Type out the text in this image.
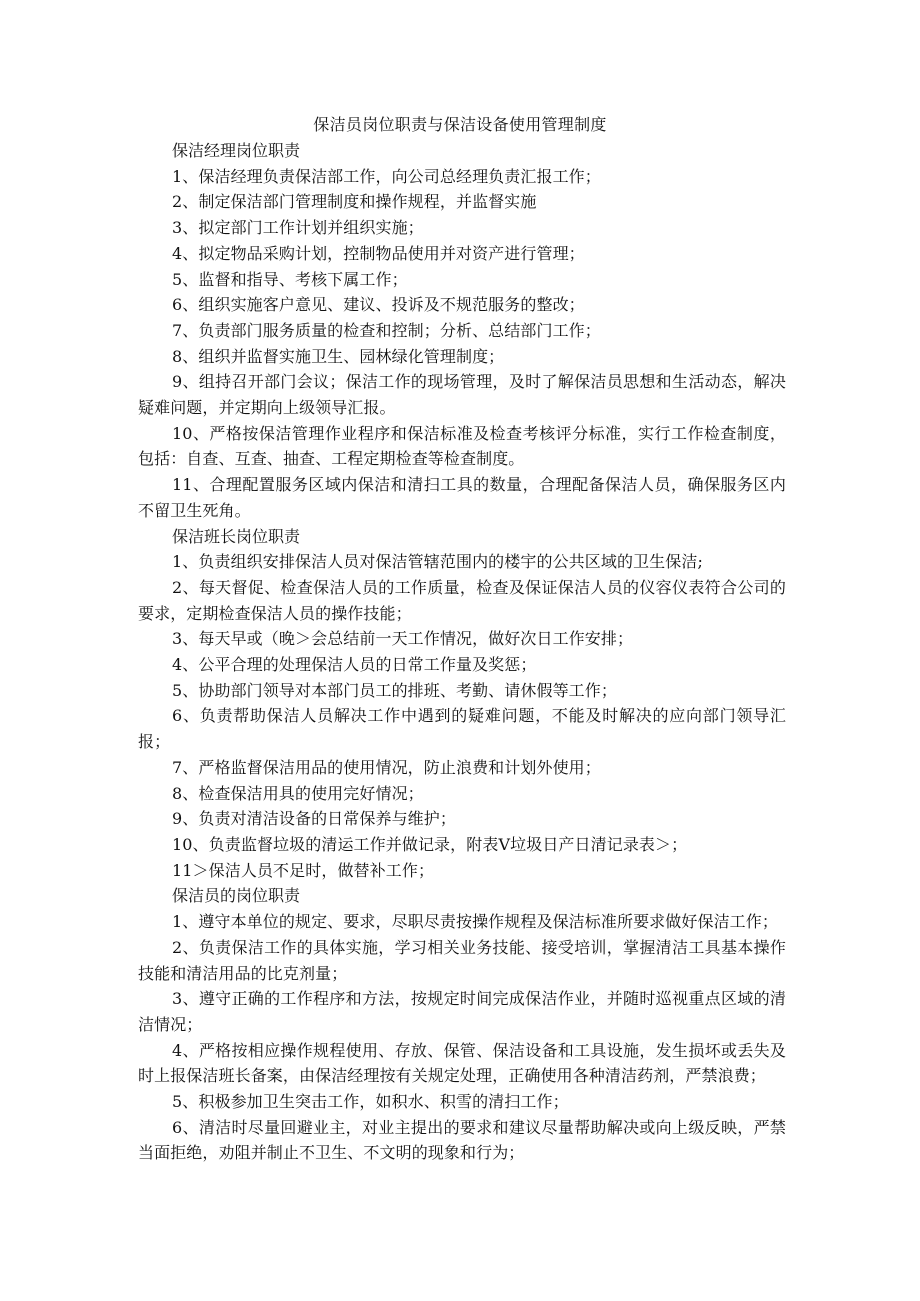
保洁员岗位职责与保洁设备使用管理制度

保洁经理岗位职责

1、保洁经理负责保洁部工作，向公司总经理负责汇报工作；

2、制定保洁部门管理制度和操作规程，并监督实施

3、拟定部门工作计划并组织实施；

4、拟定物品采购计划，控制物品使用并对资产进行管理；

5、监督和指导、考核下属工作；

6、组织实施客户意见、建议、投诉及不规范服务的整改；

7、负责部门服务质量的检查和控制；分析、总结部门工作；

8、组织并监督实施卫生、园林绿化管理制度；

9、组持召开部门会议；保洁工作的现场管理，及时了解保洁员思想和生活动态，解决疑难问题，并定期向上级领导汇报。

10、严格按保洁管理作业程序和保洁标准及检查考核评分标准，实行工作检查制度，包括：自查、互查、抽查、工程定期检查等检查制度。

11、合理配置服务区域内保洁和清扫工具的数量，合理配备保洁人员，确保服务区内不留卫生死角。

保洁班长岗位职责

1、负责组织安排保洁人员对保洁管辖范围内的楼宇的公共区域的卫生保洁;

2、每天督促、检查保洁人员的工作质量，检查及保证保洁人员的仪容仪表符合公司的要求，定期检查保洁人员的操作技能；

3、每天早或（晚＞会总结前一天工作情况，做好次日工作安排；

4、公平合理的处理保洁人员的日常工作量及奖惩；

5、协助部门领导对本部门员工的排班、考勤、请休假等工作；

6、负责帮助保洁人员解决工作中遇到的疑难问题，不能及时解决的应向部门领导汇报；

7、严格监督保洁用品的使用情况，防止浪费和计划外使用；

8、检查保洁用具的使用完好情况；

9、负责对清洁设备的日常保养与维护；

10、负责监督垃圾的清运工作并做记录，附表V垃圾日产日清记录表＞；

11＞保洁人员不足时，做替补工作；

保洁员的岗位职责

1、遵守本单位的规定、要求，尽职尽责按操作规程及保洁标准所要求做好保洁工作；

2、负责保洁工作的具体实施，学习相关业务技能、接受培训，掌握清洁工具基本操作技能和清洁用品的比克剂量；

3、遵守正确的工作程序和方法，按规定时间完成保洁作业，并随时巡视重点区域的清洁情况；

4、严格按相应操作规程使用、存放、保管、保洁设备和工具设施，发生损坏或丢失及时上报保洁班长备案，由保洁经理按有关规定处理，正确使用各种清洁药剂，严禁浪费；

5、积极参加卫生突击工作，如积水、积雪的清扫工作；

6、清洁时尽量回避业主，对业主提出的要求和建议尽量帮助解决或向上级反映，严禁当面拒绝，劝阻并制止不卫生、不文明的现象和行为；
